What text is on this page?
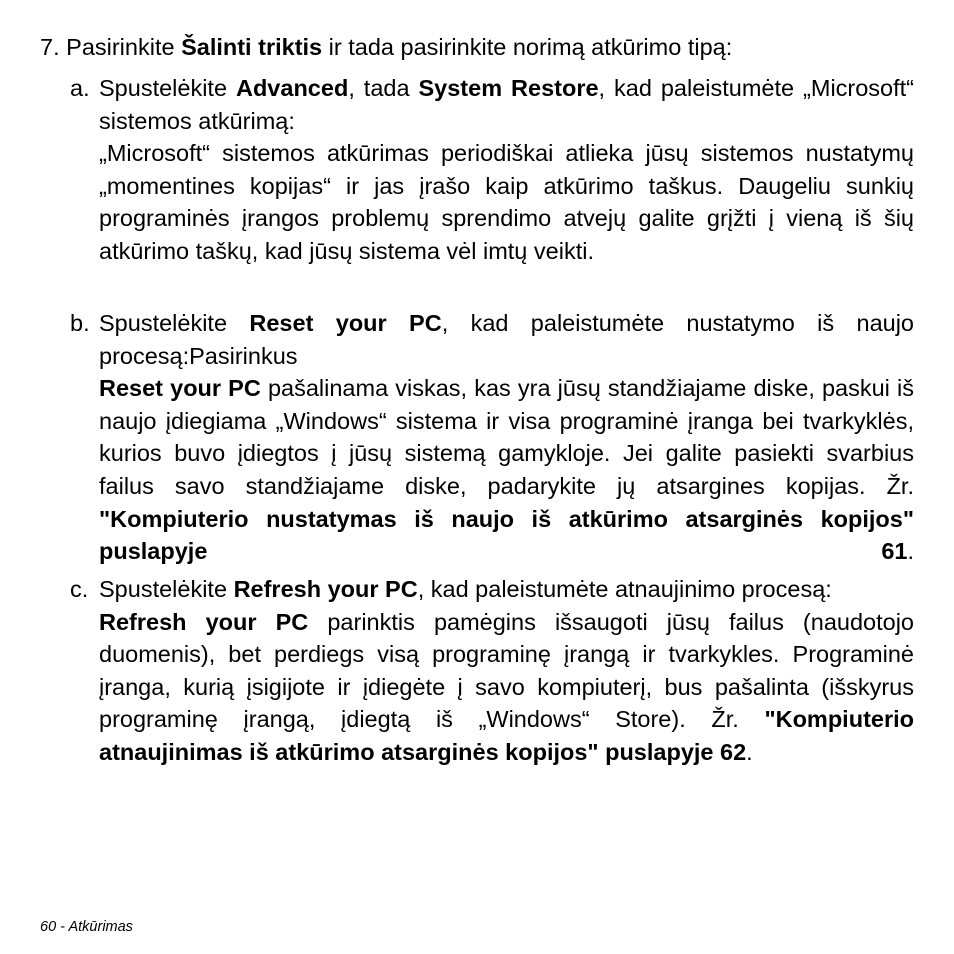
7. Pasirinkite Šalinti triktis ir tada pasirinkite norimą atkūrimo tipą:
a. Spustelėkite Advanced, tada System Restore, kad paleistumėte „Microsoft“ sistemos atkūrimą:

„Microsoft“ sistemos atkūrimas periodiškai atlieka jūsų sistemos nustatymų „momentines kopijas“ ir jas įrašo kaip atkūrimo taškus. Daugeliu sunkių programinės įrangos problemų sprendimo atvejų galite grįžti į vieną iš šių atkūrimo taškų, kad jūsų sistema vėl imtų veikti.

b. Spustelėkite Reset your PC, kad paleistumėte nustatymo iš naujo procesą:Pasirinkus

Reset your PC pašalinama viskas, kas yra jūsų standžiajame diske, paskui iš naujo įdiegiama „Windows“ sistema ir visa programinė įranga bei tvarkyklės, kurios buvo įdiegtos į jūsų sistemą gamykloje. Jei galite pasiekti svarbius failus savo standžiajame diske, padarykite jų atsargines kopijas. Žr. "Kompiuterio nustatymas iš naujo iš atkūrimo atsarginės kopijos" puslapyje 61.

c. Spustelėkite Refresh your PC, kad paleistumėte atnaujinimo procesą:

Refresh your PC parinktis pamėgins išsaugoti jūsų failus (naudotojo duomenis), bet perdiegs visą programinę įrangą ir tvarkykles. Programinė įranga, kurią įsigijote ir įdiegėte į savo kompiuterį, bus pašalinta (išskyrus programinę įrangą, įdiegtą iš „Windows“ Store). Žr. "Kompiuterio atnaujinimas iš atkūrimo atsarginės kopijos" puslapyje 62.

60 - Atkūrimas
